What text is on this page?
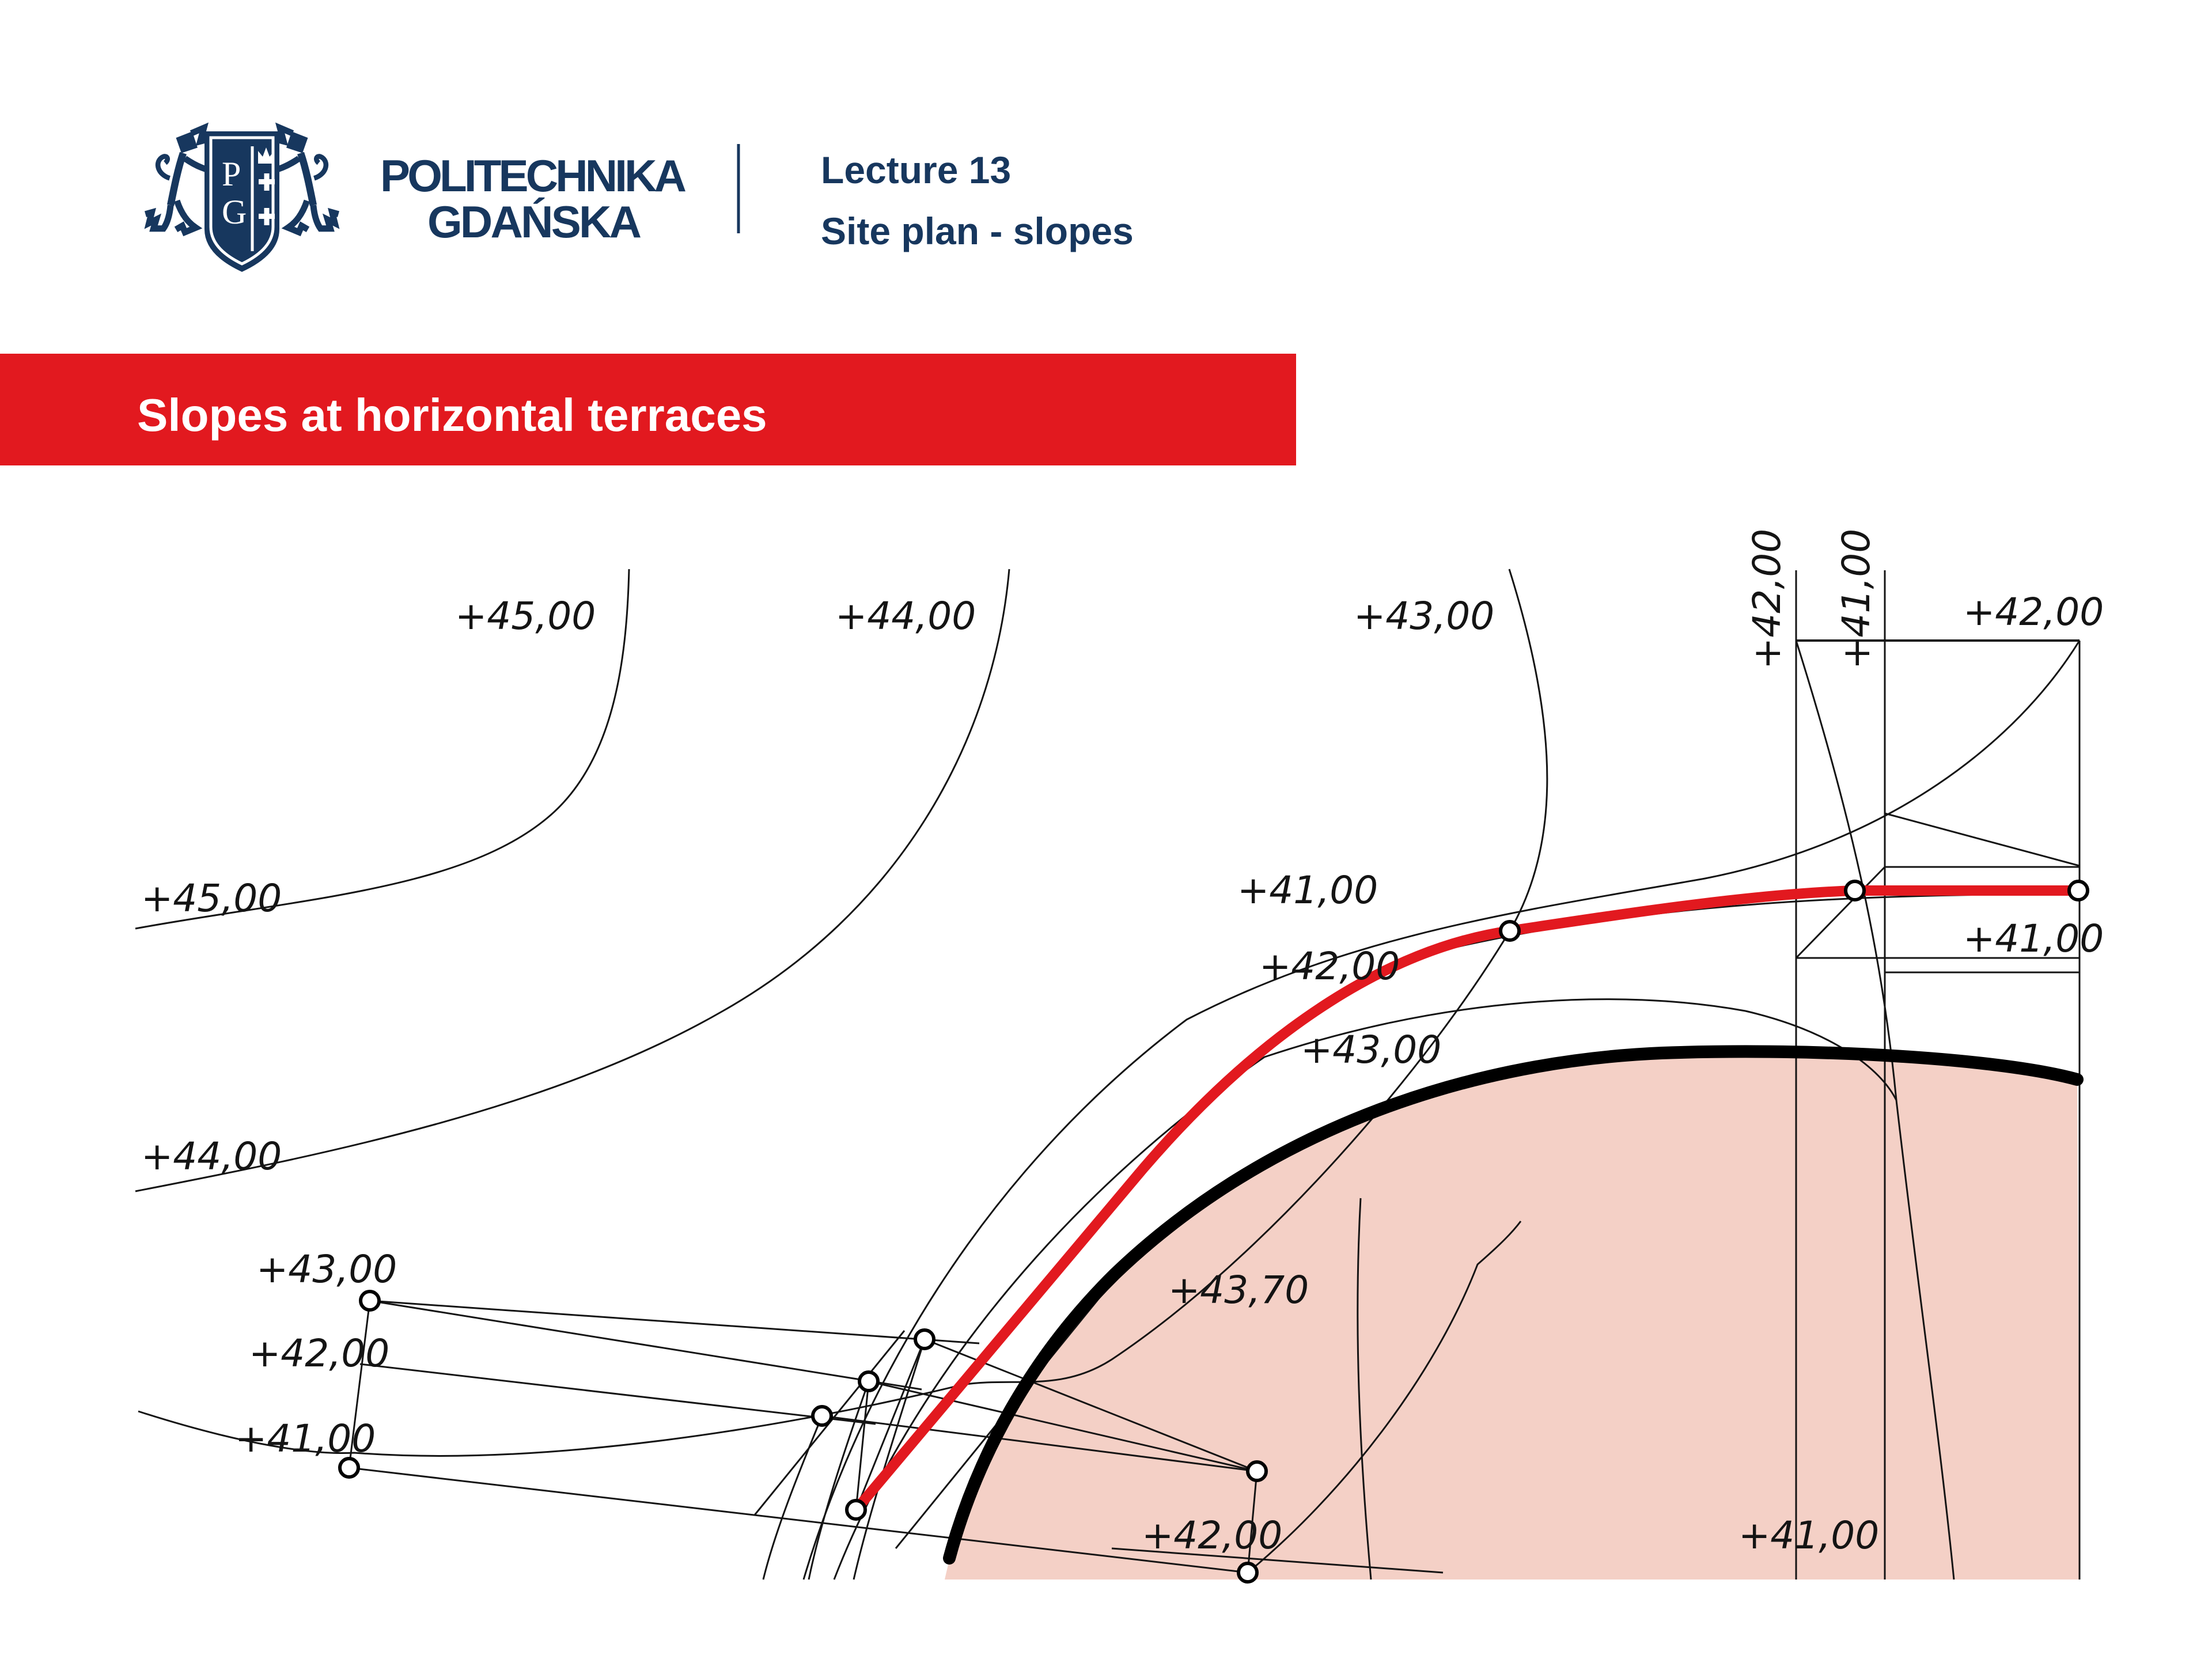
P
G
POLITECHNIKA
GDAŃSKA
Lecture 13
Site plan - slopes
Slopes at horizontal terraces
+45,00	+44,00	+43,00	+42,00
+42,00 +41,00
+45,00
+44,00
+43,00
+42,00
+41,00
+41,00
+42,00
+43,00
+43,70
+42,00	+41,00
+41,00
